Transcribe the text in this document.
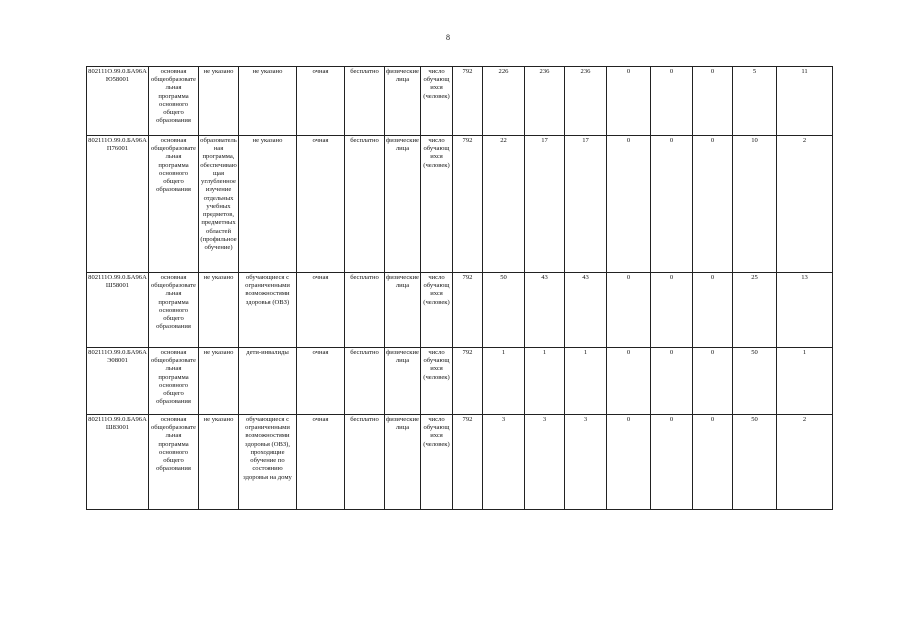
8
802111О.99.0.БА96АЮ58001	основная общеобразовательная программа основного общего образования	не указано	не указано	очная	бесплатно	физические лица	число обучающихся (человек)	792	226	236	236	0	0	0	5	11
802111О.99.0.БА96АП76001	основная общеобразовательная программа основного общего образования	образовательная программа, обеспечивающая углубленное изучение отдельных учебных предметов, предметных областей (профильное обучение)	не указано	очная	бесплатно	физические лица	число обучающихся (человек)	792	22	17	17	0	0	0	10	2
802111О.99.0.БА96АШ58001	основная общеобразовательная программа основного общего образования	не указано	обучающиеся с ограниченными возможностями здоровья (ОВЗ)	очная	бесплатно	физические лица	число обучающихся (человек)	792	50	43	43	0	0	0	25	13
802111О.99.0.БА96АЭ08001	основная общеобразовательная программа основного общего образования	не указано	дети-инвалиды	очная	бесплатно	физические лица	число обучающихся (человек)	792	1	1	1	0	0	0	50	1
802111О.99.0.БА96АШ83001	основная общеобразовательная программа основного общего образования	не указано	обучающиеся с ограниченными возможностями здоровья (ОВЗ), проходящие обучение по состоянию здоровья на дому	очная	бесплатно	физические лица	число обучающихся (человек)	792	3	3	3	0	0	0	50	2
